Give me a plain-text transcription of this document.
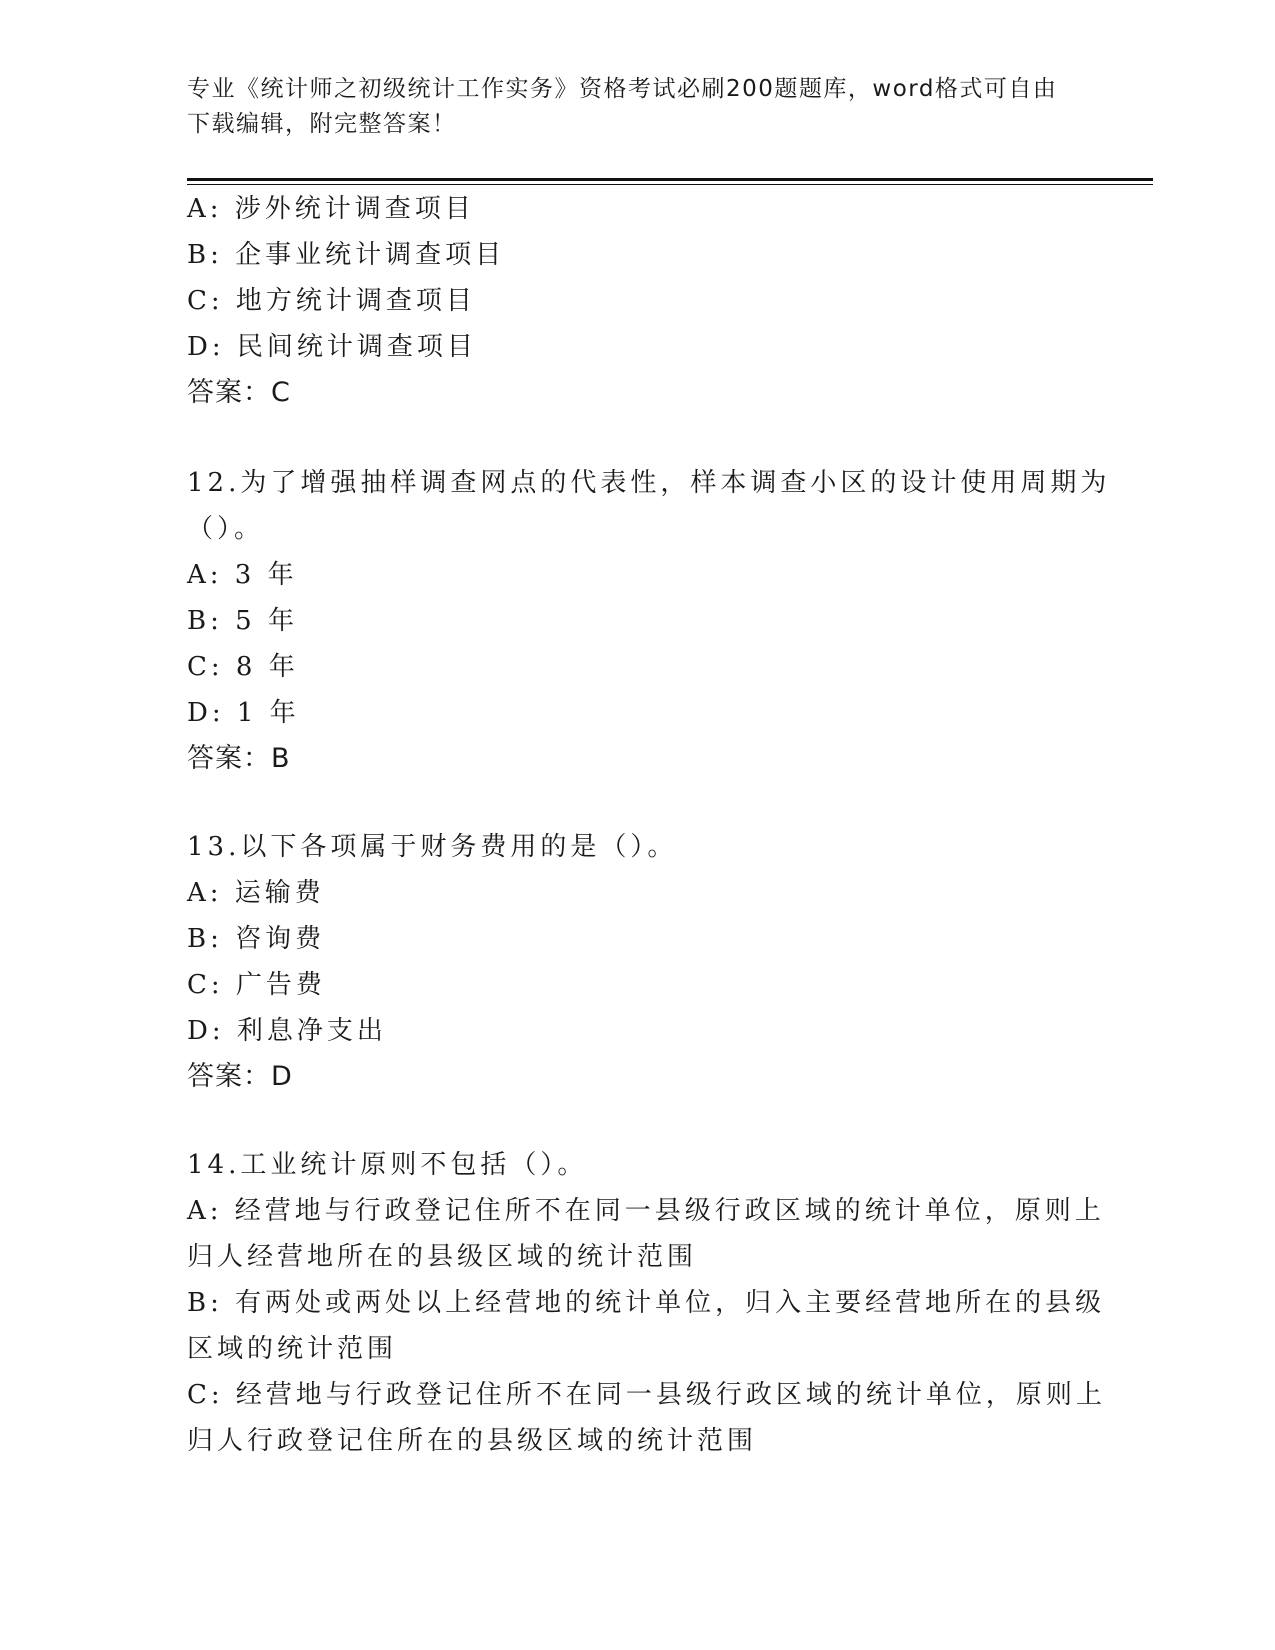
专业《统计师之初级统计工作实务》资格考试必刷200题题库，word格式可自由
下载编辑，附完整答案！
A: 涉外统计调查项目
B: 企事业统计调查项目
C: 地方统计调查项目
D: 民间统计调查项目
答案：C
12.为了增强抽样调查网点的代表性，样本调查小区的设计使用周期为
（）。
A: 3 年
B: 5 年
C: 8 年
D: 1 年
答案：B
13.以下各项属于财务费用的是（）。
A: 运输费
B: 咨询费
C: 广告费
D: 利息净支出
答案：D
14.工业统计原则不包括（）。
A: 经营地与行政登记住所不在同一县级行政区域的统计单位，原则上
归人经营地所在的县级区域的统计范围
B: 有两处或两处以上经营地的统计单位，归入主要经营地所在的县级
区域的统计范围
C: 经营地与行政登记住所不在同一县级行政区域的统计单位，原则上
归人行政登记住所在的县级区域的统计范围
